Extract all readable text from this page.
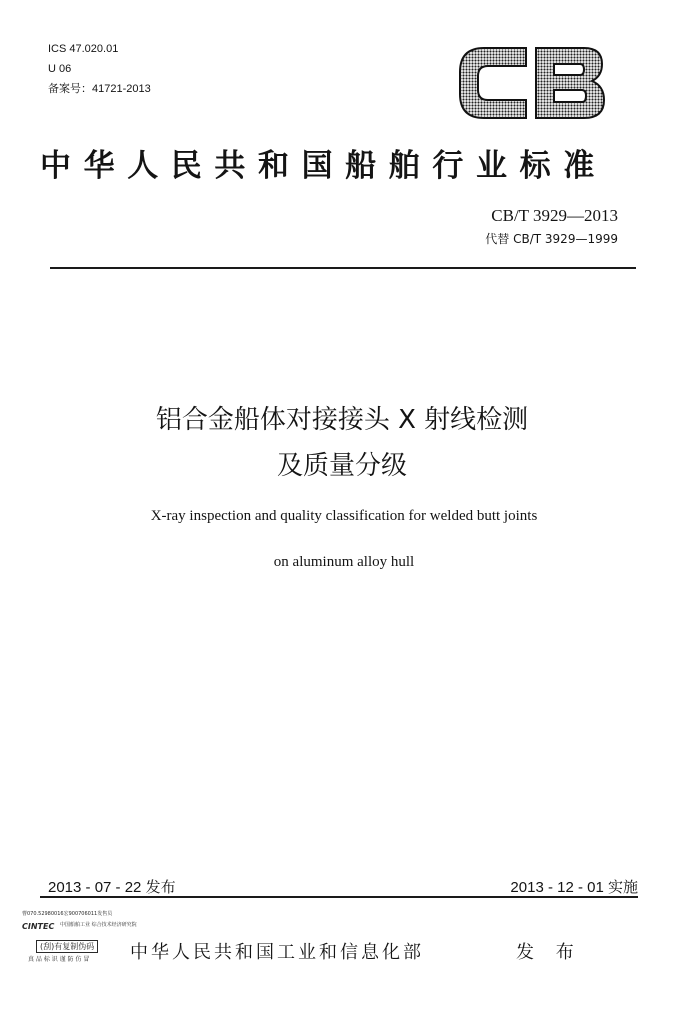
ICS 47.020.01
U 06
备案号：41721-2013
中华人民共和国船舶行业标准
CB/T 3929—2013
代替 CB/T 3929—1999
铝合金船体对接接头 X 射线检测
及质量分级
X-ray inspection and quality classification for welded butt joints
on aluminum alloy hull
2013 - 07 - 22 发布	2013 - 12 - 01 实施
曹070.52980016宏900706011发售员
CINTEC 中国船舶工业 综合技术经济研究院
(刮)有复制伪码
真 品 标 识 谨 防 仿 冒 中华人民共和国工业和信息化部	发 布
